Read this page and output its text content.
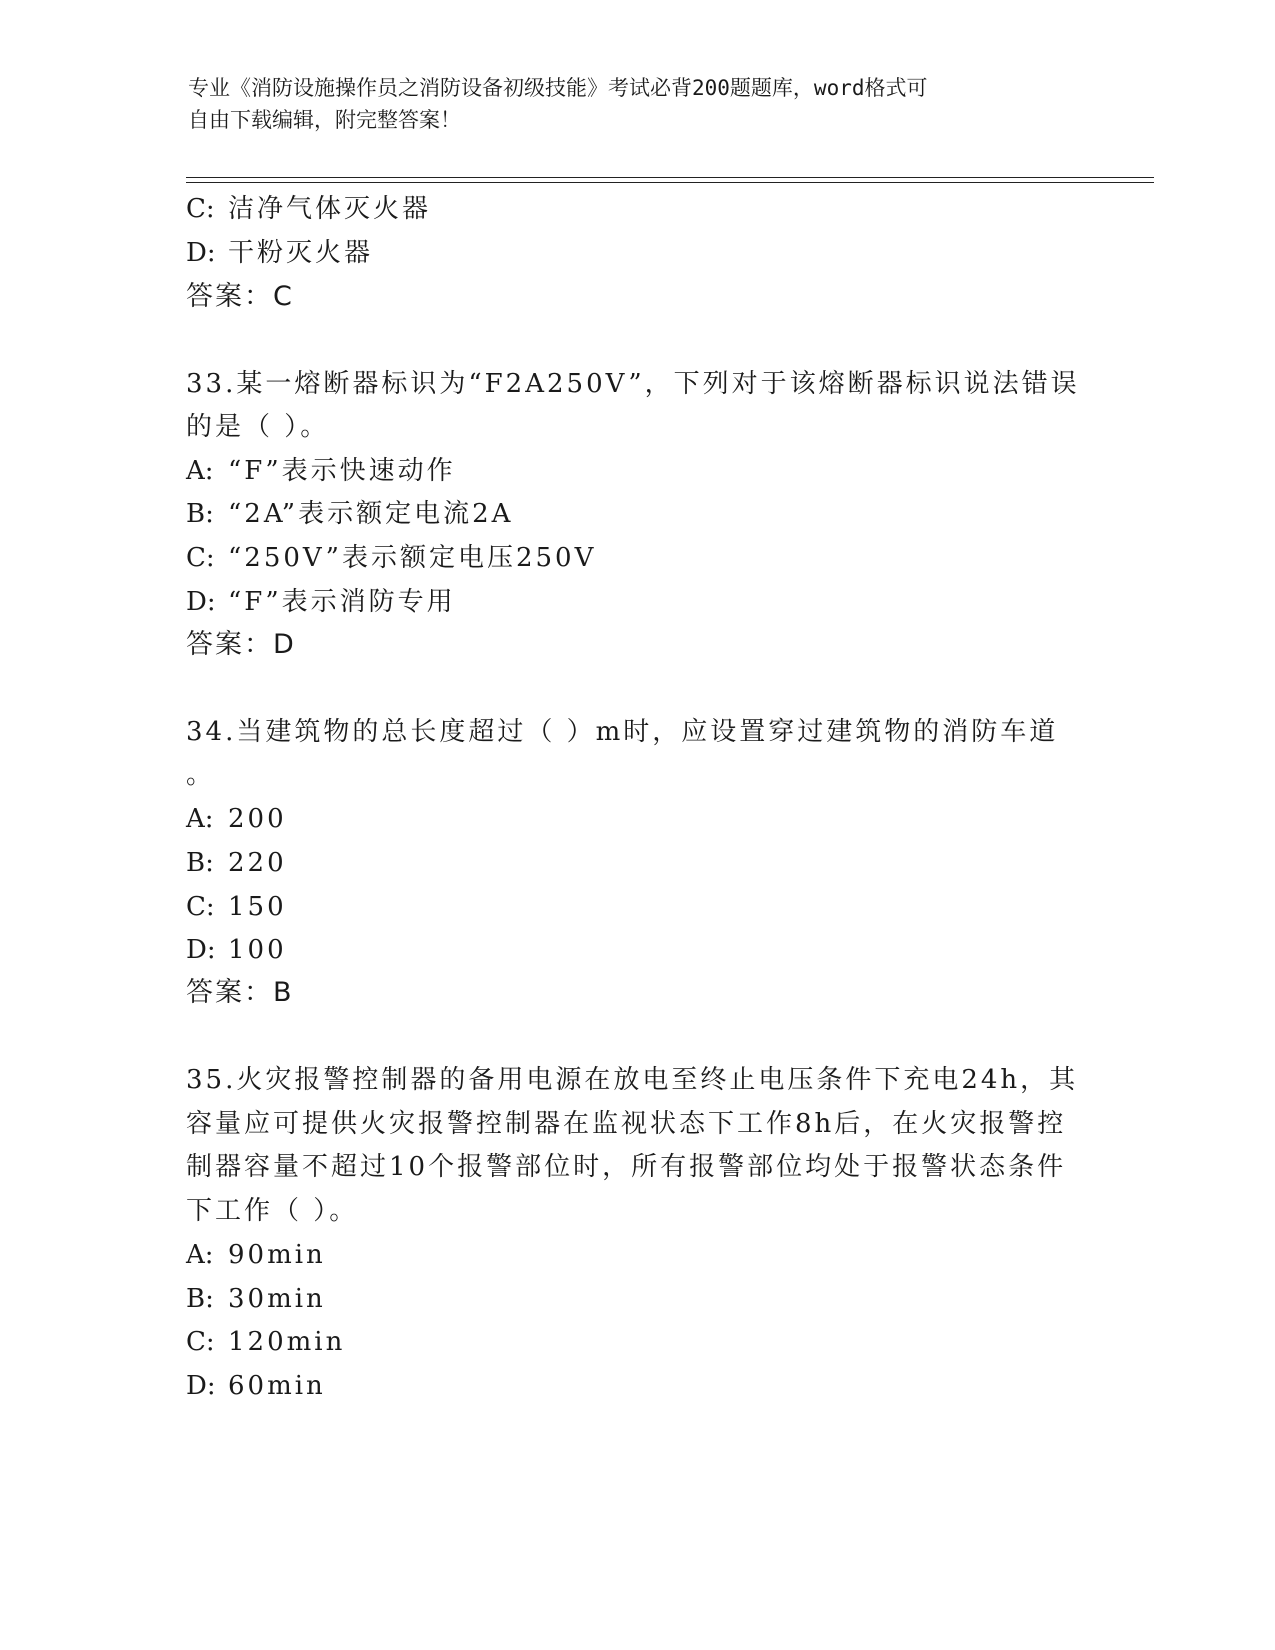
专业《消防设施操作员之消防设备初级技能》考试必背200题题库，word格式可
自由下载编辑，附完整答案！
C: 洁净气体灭火器
D: 干粉灭火器
答案：C
33.某一熔断器标识为“F2A250V”，下列对于该熔断器标识说法错误
的是（ ）。
A: “F”表示快速动作
B: “2A”表示额定电流2A
C: “250V”表示额定电压250V
D: “F”表示消防专用
答案：D
34.当建筑物的总长度超过（ ）m时，应设置穿过建筑物的消防车道
。
A: 200
B: 220
C: 150
D: 100
答案：B
35.火灾报警控制器的备用电源在放电至终止电压条件下充电24h，其
容量应可提供火灾报警控制器在监视状态下工作8h后，在火灾报警控
制器容量不超过10个报警部位时，所有报警部位均处于报警状态条件
下工作（ ）。
A: 90min
B: 30min
C: 120min
D: 60min
